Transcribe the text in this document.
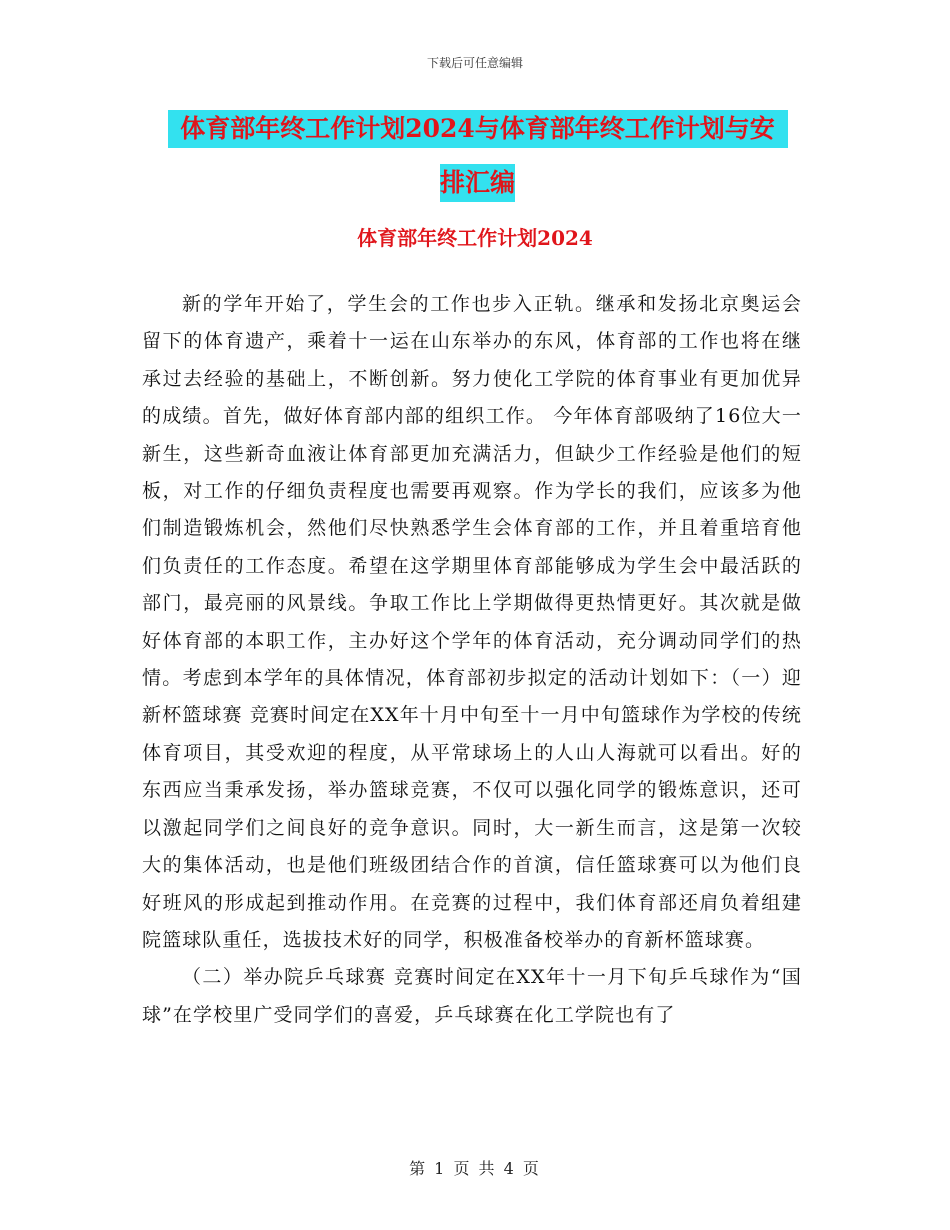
下载后可任意编辑
体育部年终工作计划2024与体育部年终工作计划与安
排汇编
体育部年终工作计划2024

新的学年开始了，学生会的工作也步入正轨。继承和发扬北京奥运会留下的体育遗产，乘着十一运在山东举办的东风，体育部的工作也将在继承过去经验的基础上，不断创新。努力使化工学院的体育事业有更加优异的成绩。首先，做好体育部内部的组织工作。 今年体育部吸纳了16位大一新生，这些新奇血液让体育部更加充满活力，但缺少工作经验是他们的短板，对工作的仔细负责程度也需要再观察。作为学长的我们，应该多为他们制造锻炼机会，然他们尽快熟悉学生会体育部的工作，并且着重培育他们负责任的工作态度。希望在这学期里体育部能够成为学生会中最活跃的部门，最亮丽的风景线。争取工作比上学期做得更热情更好。其次就是做好体育部的本职工作，主办好这个学年的体育活动，充分调动同学们的热情。考虑到本学年的具体情况，体育部初步拟定的活动计划如下：（一）迎新杯篮球赛 竞赛时间定在XX年十月中旬至十一月中旬篮球作为学校的传统体育项目，其受欢迎的程度，从平常球场上的人山人海就可以看出。好的东西应当秉承发扬，举办篮球竞赛，不仅可以强化同学的锻炼意识，还可以激起同学们之间良好的竞争意识。同时，大一新生而言，这是第一次较大的集体活动，也是他们班级团结合作的首演，信任篮球赛可以为他们良好班风的形成起到推动作用。在竞赛的过程中，我们体育部还肩负着组建院篮球队重任，选拔技术好的同学，积极准备校举办的育新杯篮球赛。

（二）举办院乒乓球赛 竞赛时间定在XX年十一月下旬乒乓球作为“国球”在学校里广受同学们的喜爱，乒乓球赛在化工学院也有了

第 1 页 共 4 页
